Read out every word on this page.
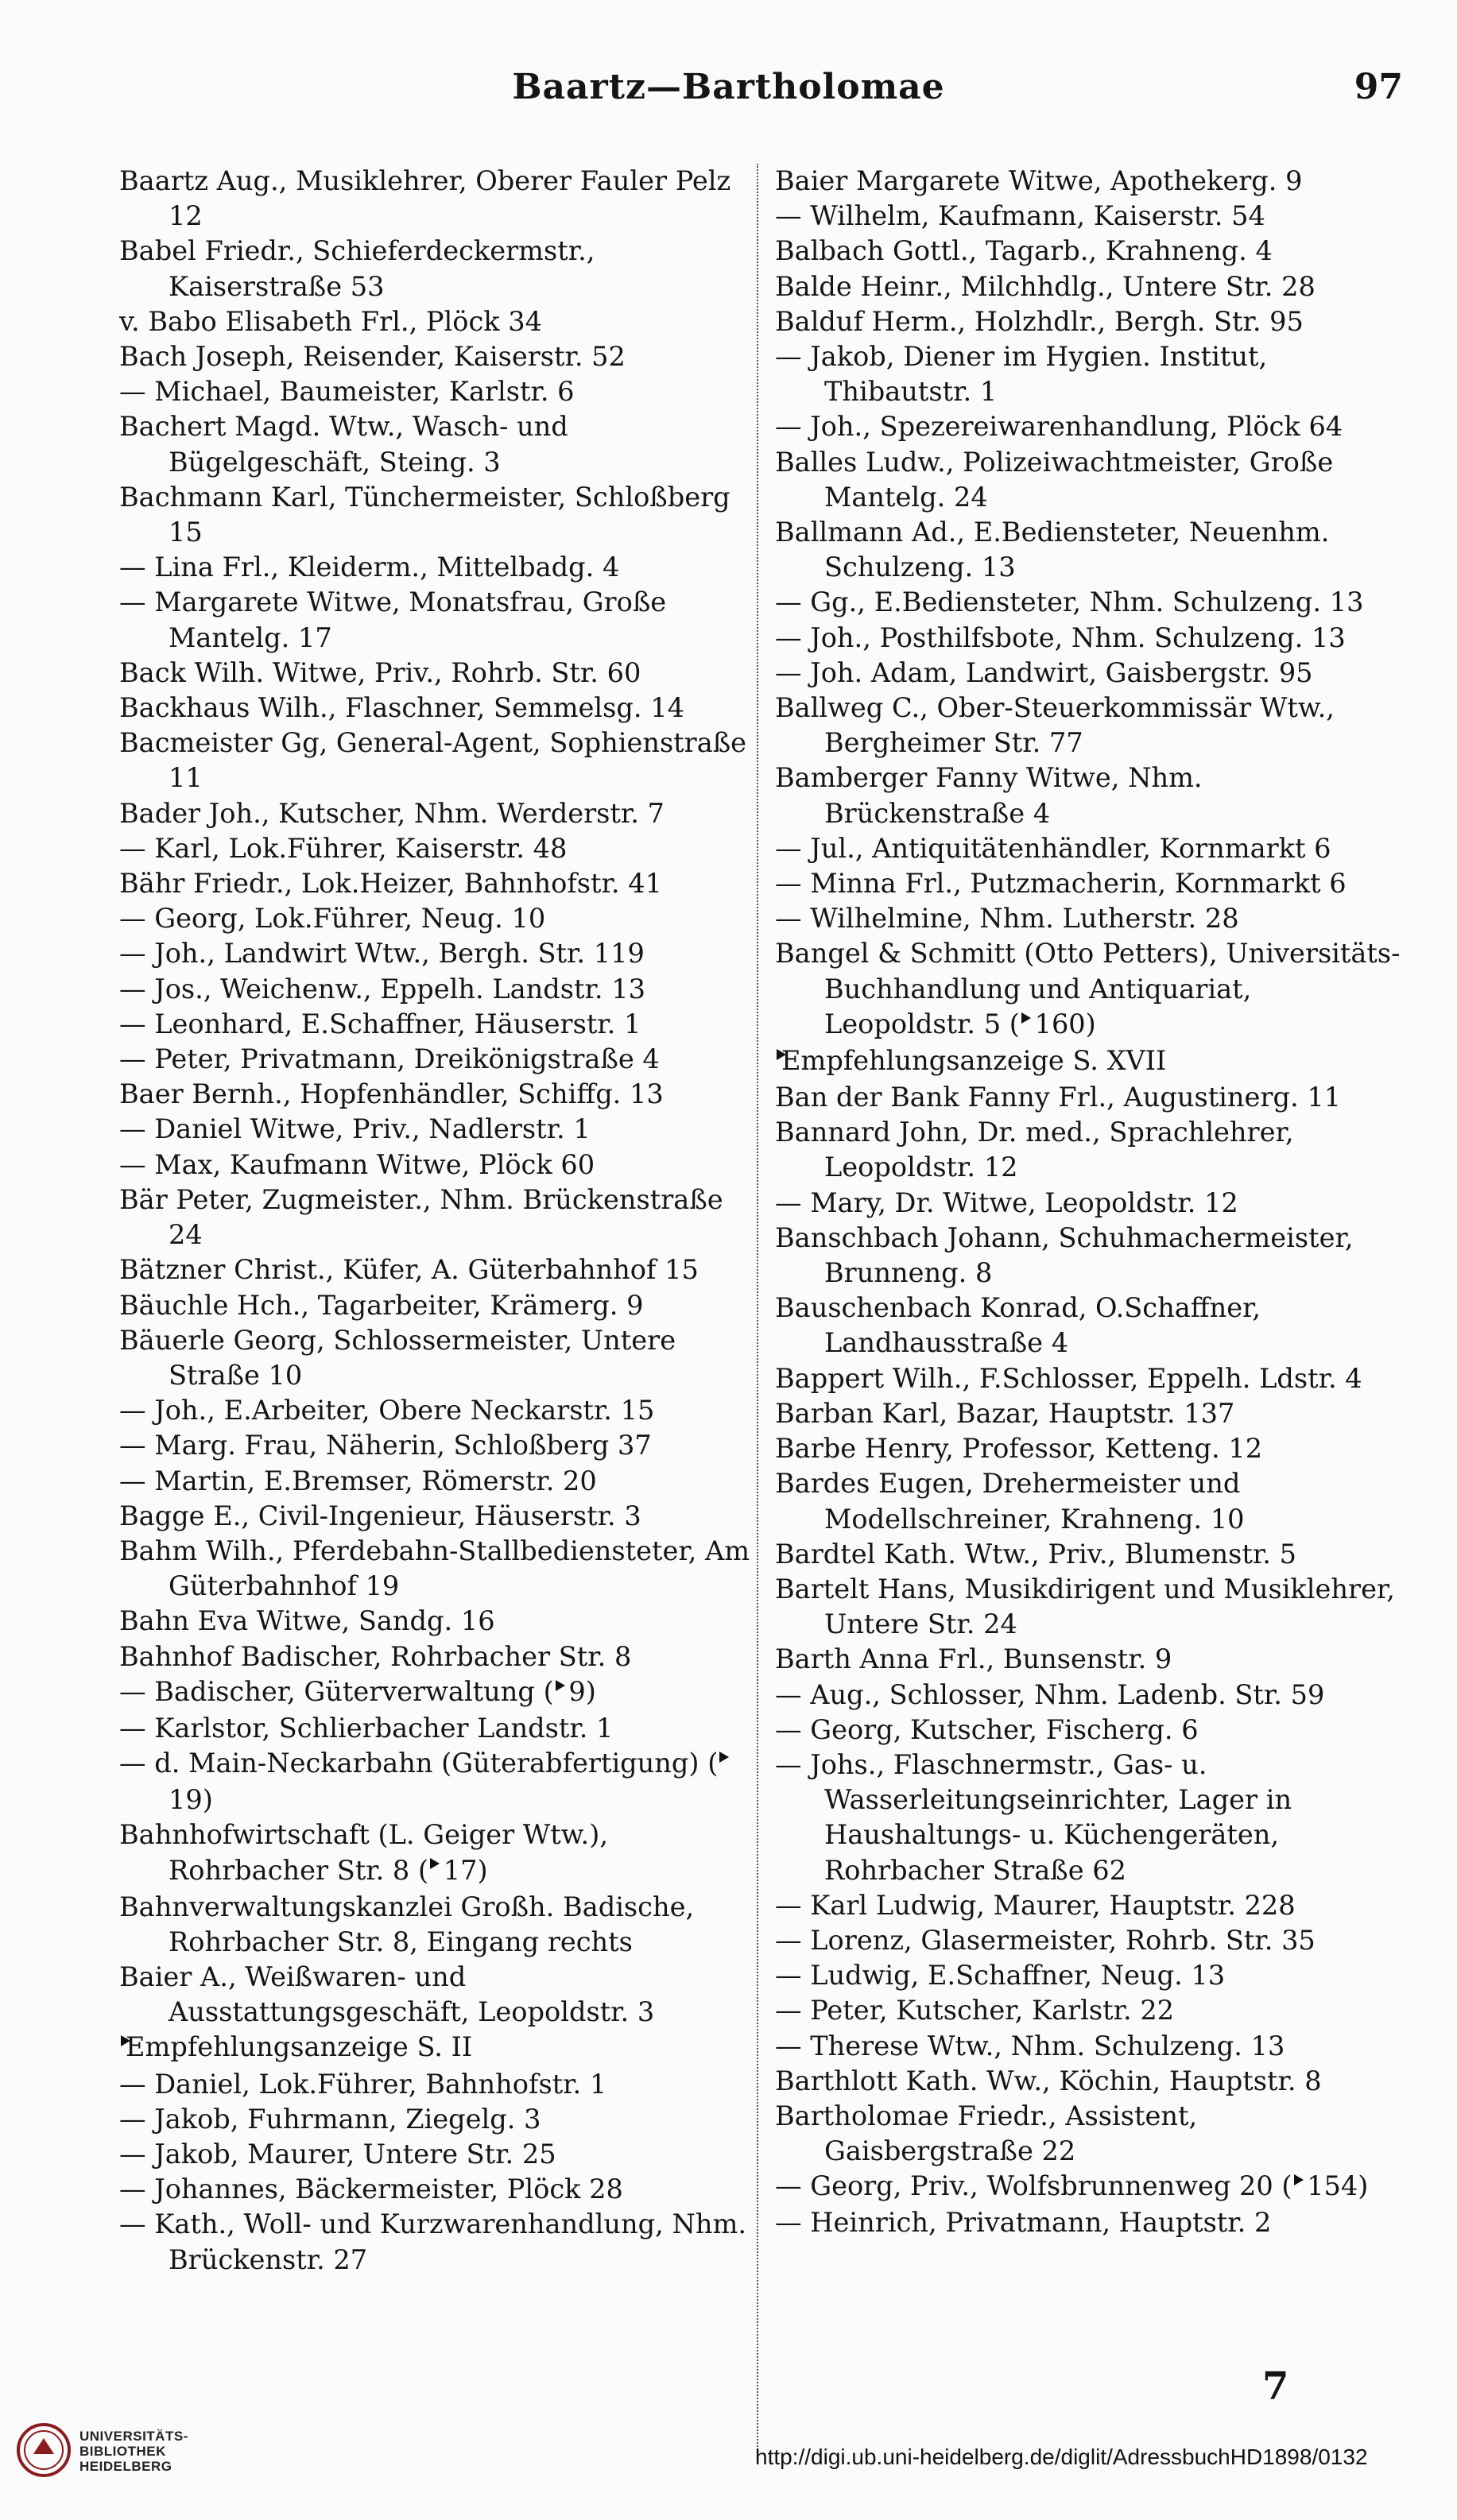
Baartz—Bartholomae	97
Baartz Aug., Musiklehrer, Oberer Fauler Pelz 12
Babel Friedr., Schieferdeckermstr., Kaiserstraße 53
v. Babo Elisabeth Frl., Plöck 34
Bach Joseph, Reisender, Kaiserstr. 52
— Michael, Baumeister, Karlstr. 6
Bachert Magd. Wtw., Wasch- und Bügelgeschäft, Steing. 3
Bachmann Karl, Tünchermeister, Schloßberg 15
— Lina Frl., Kleiderm., Mittelbadg. 4
— Margarete Witwe, Monatsfrau, Große Mantelg. 17
Back Wilh. Witwe, Priv., Rohrb. Str. 60
Backhaus Wilh., Flaschner, Semmelsg. 14
Bacmeister Gg, General-Agent, Sophienstraße 11
Bader Joh., Kutscher, Nhm. Werderstr. 7
— Karl, Lok.Führer, Kaiserstr. 48
Bähr Friedr., Lok.Heizer, Bahnhofstr. 41
— Georg, Lok.Führer, Neug. 10
— Joh., Landwirt Wtw., Bergh. Str. 119
— Jos., Weichenw., Eppelh. Landstr. 13
— Leonhard, E.Schaffner, Häuserstr. 1
— Peter, Privatmann, Dreikönigstraße 4
Baer Bernh., Hopfenhändler, Schiffg. 13
— Daniel Witwe, Priv., Nadlerstr. 1
— Max, Kaufmann Witwe, Plöck 60
Bär Peter, Zugmeister., Nhm. Brückenstraße 24
Bätzner Christ., Küfer, A. Güterbahnhof 15
Bäuchle Hch., Tagarbeiter, Krämerg. 9
Bäuerle Georg, Schlossermeister, Untere Straße 10
— Joh., E.Arbeiter, Obere Neckarstr. 15
— Marg. Frau, Näherin, Schloßberg 37
— Martin, E.Bremser, Römerstr. 20
Bagge E., Civil-Ingenieur, Häuserstr. 3
Bahm Wilh., Pferdebahn-Stallbediensteter, Am Güterbahnhof 19
Bahn Eva Witwe, Sandg. 16
Bahnhof Badischer, Rohrbacher Str. 8
— Badischer, Güterverwaltung ( 9)
— Karlstor, Schlierbacher Landstr. 1
— d. Main-Neckarbahn (Güterabfertigung) ( 19)
Bahnhofwirtschaft (L. Geiger Wtw.), Rohrbacher Str. 8 ( 17)
Bahnverwaltungskanzlei Großh. Badische, Rohrbacher Str. 8, Eingang rechts
Baier A., Weißwaren- und Ausstattungsgeschäft, Leopoldstr. 3
Empfehlungsanzeige S. II
— Daniel, Lok.Führer, Bahnhofstr. 1
— Jakob, Fuhrmann, Ziegelg. 3
— Jakob, Maurer, Untere Str. 25
— Johannes, Bäckermeister, Plöck 28
— Kath., Woll- und Kurzwarenhandlung, Nhm. Brückenstr. 27
Baier Margarete Witwe, Apothekerg. 9
— Wilhelm, Kaufmann, Kaiserstr. 54
Balbach Gottl., Tagarb., Krahneng. 4
Balde Heinr., Milchhdlg., Untere Str. 28
Balduf Herm., Holzhdlr., Bergh. Str. 95
— Jakob, Diener im Hygien. Institut, Thibautstr. 1
— Joh., Spezereiwarenhandlung, Plöck 64
Balles Ludw., Polizeiwachtmeister, Große Mantelg. 24
Ballmann Ad., E.Bediensteter, Neuenhm. Schulzeng. 13
— Gg., E.Bediensteter, Nhm. Schulzeng. 13
— Joh., Posthilfsbote, Nhm. Schulzeng. 13
— Joh. Adam, Landwirt, Gaisbergstr. 95
Ballweg C., Ober-Steuerkommissär Wtw., Bergheimer Str. 77
Bamberger Fanny Witwe, Nhm. Brückenstraße 4
— Jul., Antiquitätenhändler, Kornmarkt 6
— Minna Frl., Putzmacherin, Kornmarkt 6
— Wilhelmine, Nhm. Lutherstr. 28
Bangel & Schmitt (Otto Petters), Universitäts-Buchhandlung und Antiquariat, Leopoldstr. 5 ( 160)
Empfehlungsanzeige S. XVII
Ban der Bank Fanny Frl., Augustinerg. 11
Bannard John, Dr. med., Sprachlehrer, Leopoldstr. 12
— Mary, Dr. Witwe, Leopoldstr. 12
Banschbach Johann, Schuhmachermeister, Brunneng. 8
Bauschenbach Konrad, O.Schaffner, Landhausstraße 4
Bappert Wilh., F.Schlosser, Eppelh. Ldstr. 4
Barban Karl, Bazar, Hauptstr. 137
Barbe Henry, Professor, Ketteng. 12
Bardes Eugen, Drehermeister und Modellschreiner, Krahneng. 10
Bardtel Kath. Wtw., Priv., Blumenstr. 5
Bartelt Hans, Musikdirigent und Musiklehrer, Untere Str. 24
Barth Anna Frl., Bunsenstr. 9
— Aug., Schlosser, Nhm. Ladenb. Str. 59
— Georg, Kutscher, Fischerg. 6
— Johs., Flaschnermstr., Gas- u. Wasserleitungseinrichter, Lager in Haushaltungs- u. Küchengeräten, Rohrbacher Straße 62
— Karl Ludwig, Maurer, Hauptstr. 228
— Lorenz, Glasermeister, Rohrb. Str. 35
— Ludwig, E.Schaffner, Neug. 13
— Peter, Kutscher, Karlstr. 22
— Therese Wtw., Nhm. Schulzeng. 13
Barthlott Kath. Ww., Köchin, Hauptstr. 8
Bartholomae Friedr., Assistent, Gaisbergstraße 22
— Georg, Priv., Wolfsbrunnenweg 20 ( 154)
— Heinrich, Privatmann, Hauptstr. 2
7
UNIVERSITÄTS-
BIBLIOTHEK
HEIDELBERG	http://digi.ub.uni-heidelberg.de/diglit/AdressbuchHD1898/0132
